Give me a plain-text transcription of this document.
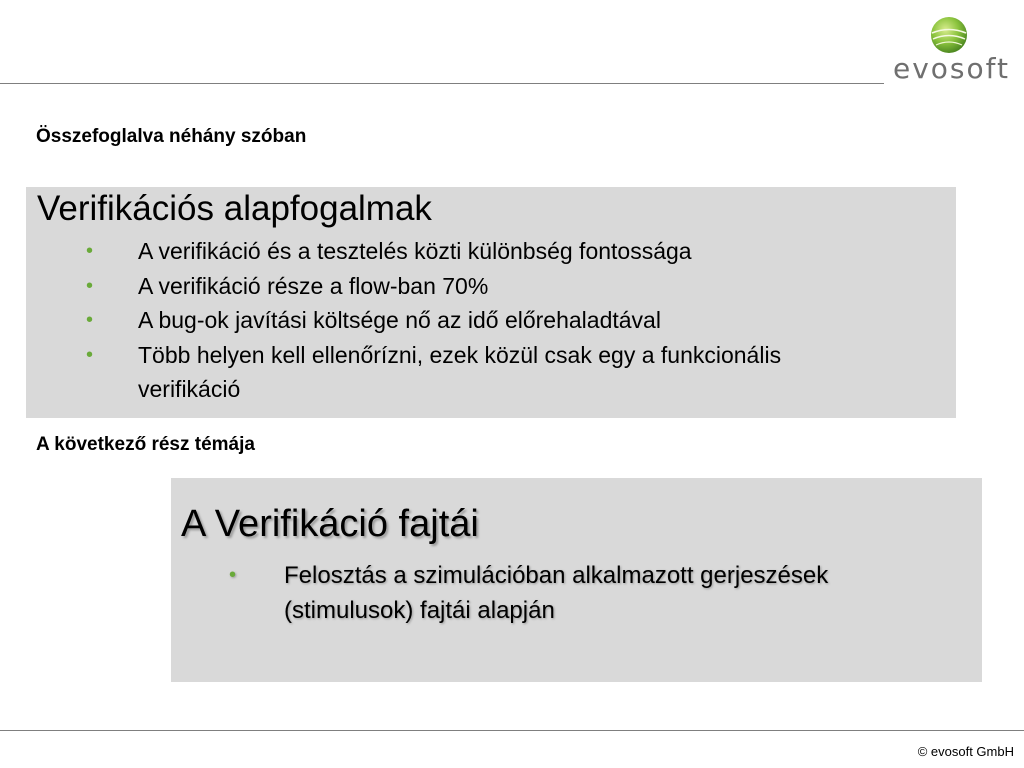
evosoft
Összefoglalva néhány szóban
Verifikációs alapfogalmak
• A verifikáció és a tesztelés közti különbség fontossága
• A verifikáció része a flow-ban 70%
• A bug-ok javítási költsége nő az idő előrehaladtával
• Több helyen kell ellenőrízni, ezek közül csak egy a funkcionális verifikáció
A következő rész témája
A Verifikáció fajtái
• Felosztás a szimulációban alkalmazott gerjeszések (stimulusok) fajtái alapján
© evosoft GmbH
